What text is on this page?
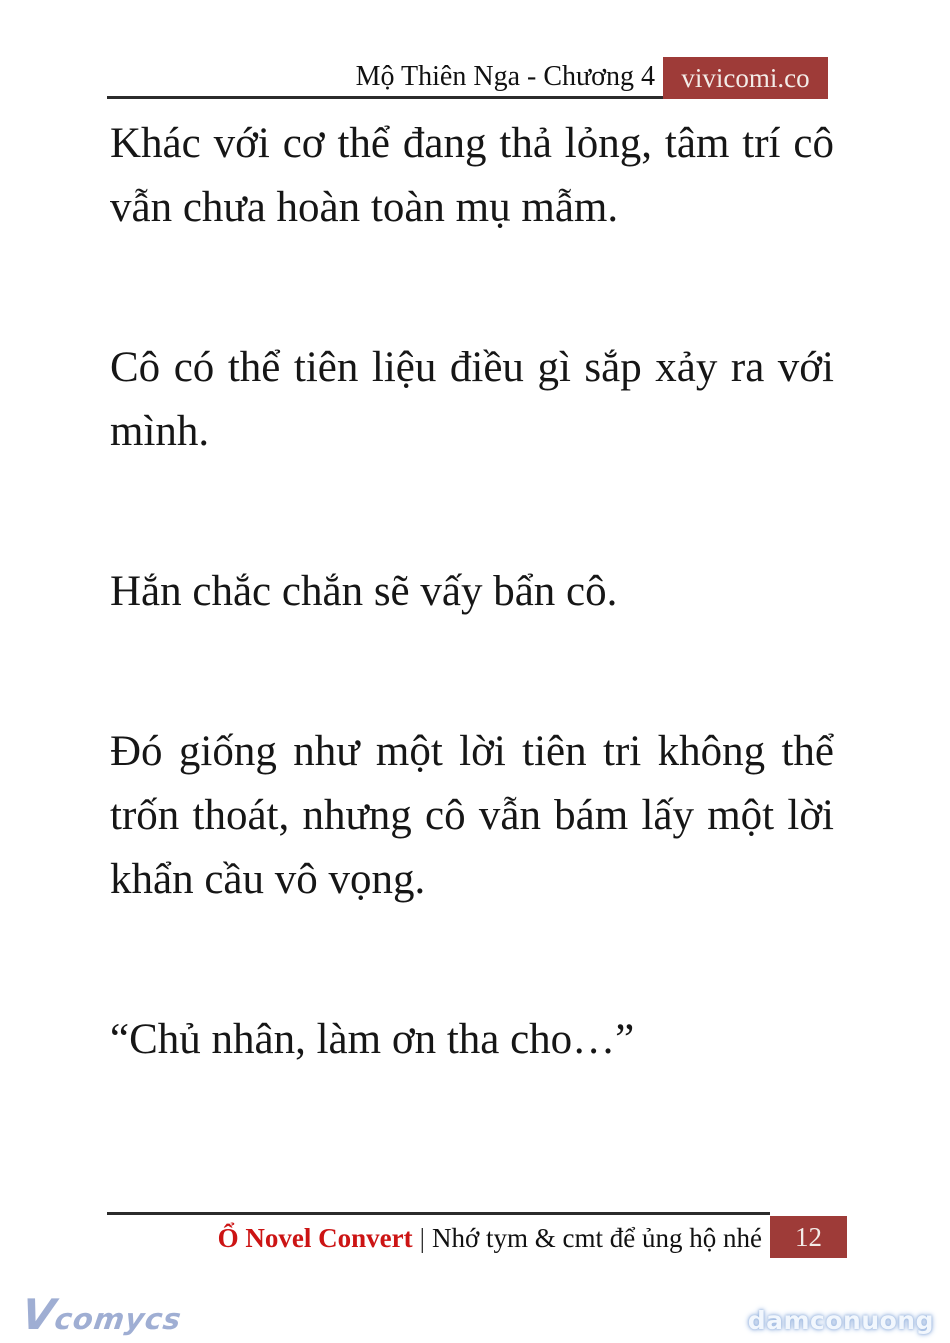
Mộ Thiên Nga - Chương 4 vivicomi.co

Khác với cơ thể đang thả lỏng, tâm trí cô vẫn chưa hoàn toàn mụ mẫm.

Cô có thể tiên liệu điều gì sắp xảy ra với mình.

Hắn chắc chắn sẽ vấy bẩn cô.

Đó giống như một lời tiên tri không thể trốn thoát, nhưng cô vẫn bám lấy một lời khẩn cầu vô vọng.

“Chủ nhân, làm ơn tha cho…”

Ổ Novel Convert | Nhớ tym & cmt để ủng hộ nhé	12
Vcomycs	damconuong
